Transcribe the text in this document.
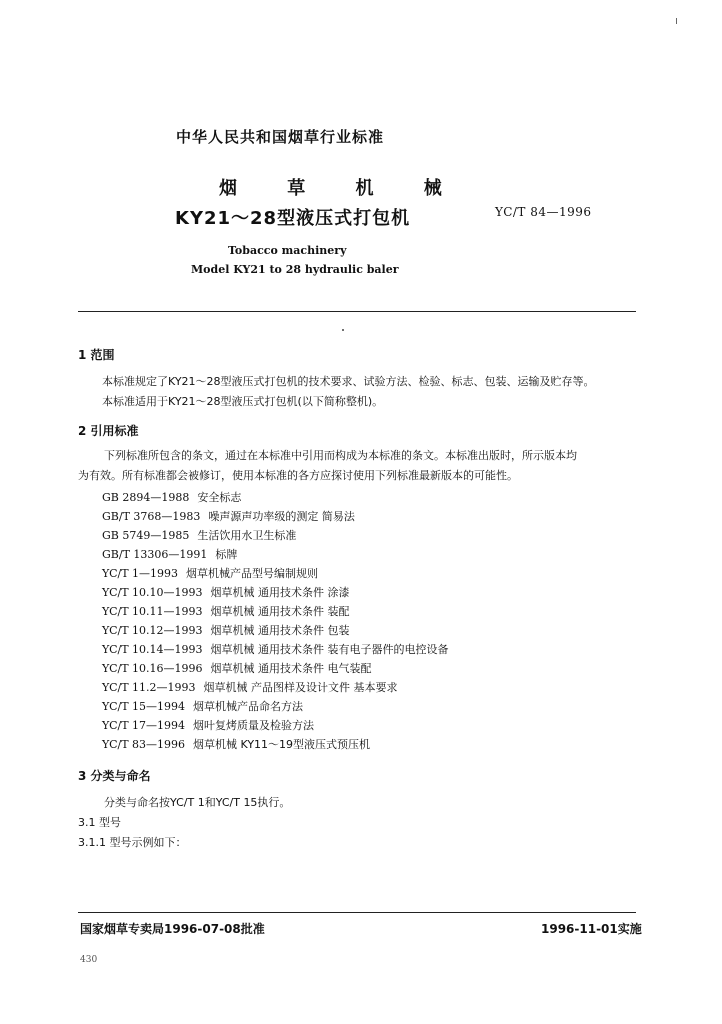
中华人民共和国烟草行业标准
烟 草 机 械
KY21～28型液压式打包机	YC/T 84—1996
Tobacco machinery
Model KY21 to 28 hydraulic baler
1 范围
本标准规定了KY21～28型液压式打包机的技术要求、试验方法、检验、标志、包装、运输及贮存等。
本标准适用于KY21～28型液压式打包机(以下简称整机)。
2 引用标准
下列标准所包含的条文，通过在本标准中引用而构成为本标准的条文。本标准出版时，所示版本均
为有效。所有标准都会被修订，使用本标准的各方应探讨使用下列标准最新版本的可能性。
GB 2894—1988 安全标志
GB/T 3768—1983 噪声源声功率级的测定 简易法
GB 5749—1985 生活饮用水卫生标准
GB/T 13306—1991 标牌
YC/T 1—1993 烟草机械产品型号编制规则
YC/T 10.10—1993 烟草机械 通用技术条件 涂漆
YC/T 10.11—1993 烟草机械 通用技术条件 装配
YC/T 10.12—1993 烟草机械 通用技术条件 包装
YC/T 10.14—1993 烟草机械 通用技术条件 装有电子器件的电控设备
YC/T 10.16—1996 烟草机械 通用技术条件 电气装配
YC/T 11.2—1993 烟草机械 产品图样及设计文件 基本要求
YC/T 15—1994 烟草机械产品命名方法
YC/T 17—1994 烟叶复烤质量及检验方法
YC/T 83—1996 烟草机械 KY11～19型液压式预压机
3 分类与命名
分类与命名按YC/T 1和YC/T 15执行。
3.1 型号
3.1.1 型号示例如下：
国家烟草专卖局1996-07-08批准	1996-11-01实施
430
